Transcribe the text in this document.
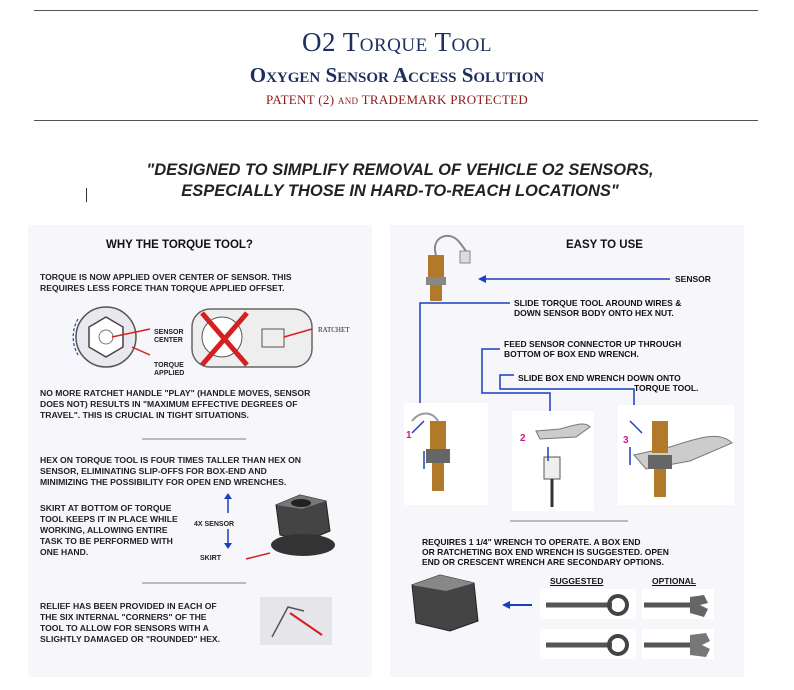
O2 Torque Tool
Oxygen Sensor Access Solution
PATENT (2) and TRADEMARK PROTECTED
"DESIGNED TO SIMPLIFY REMOVAL OF VEHICLE O2 SENSORS,
ESPECIALLY THOSE IN HARD-TO-REACH LOCATIONS"
WHY THE TORQUE TOOL?
TORQUE IS NOW APPLIED OVER CENTER OF SENSOR. THIS
REQUIRES LESS FORCE THAN TORQUE APPLIED OFFSET.
SENSOR
CENTER
TORQUE
APPLIED
RATCHET
NO MORE RATCHET HANDLE "PLAY" (HANDLE MOVES, SENSOR
DOES NOT) RESULTS IN "MAXIMUM EFFECTIVE DEGREES OF
TRAVEL". THIS IS CRUCIAL IN TIGHT SITUATIONS.
HEX ON TORQUE TOOL IS FOUR TIMES TALLER THAN HEX ON
SENSOR, ELIMINATING SLIP-OFFS FOR BOX-END AND
MINIMIZING THE POSSIBILITY FOR OPEN END WRENCHES.
SKIRT AT BOTTOM OF TORQUE
TOOL KEEPS IT IN PLACE WHILE
WORKING, ALLOWING ENTIRE
TASK TO BE PERFORMED WITH
ONE HAND.
4X SENSOR
SKIRT
RELIEF HAS BEEN PROVIDED IN EACH OF
THE SIX INTERNAL "CORNERS" OF THE
TOOL TO ALLOW FOR SENSORS WITH A
SLIGHTLY DAMAGED OR "ROUNDED" HEX.
EASY TO USE
SENSOR
SLIDE TORQUE TOOL AROUND WIRES &
DOWN SENSOR BODY ONTO HEX NUT.
FEED SENSOR CONNECTOR UP THROUGH
BOTTOM OF BOX END WRENCH.
SLIDE BOX END WRENCH DOWN ONTO
TORQUE TOOL.
1	2	3
REQUIRES 1 1/4" WRENCH TO OPERATE. A BOX END
OR RATCHETING BOX END WRENCH IS SUGGESTED. OPEN
END OR CRESCENT WRENCH ARE SECONDARY OPTIONS.
SUGGESTED	OPTIONAL
